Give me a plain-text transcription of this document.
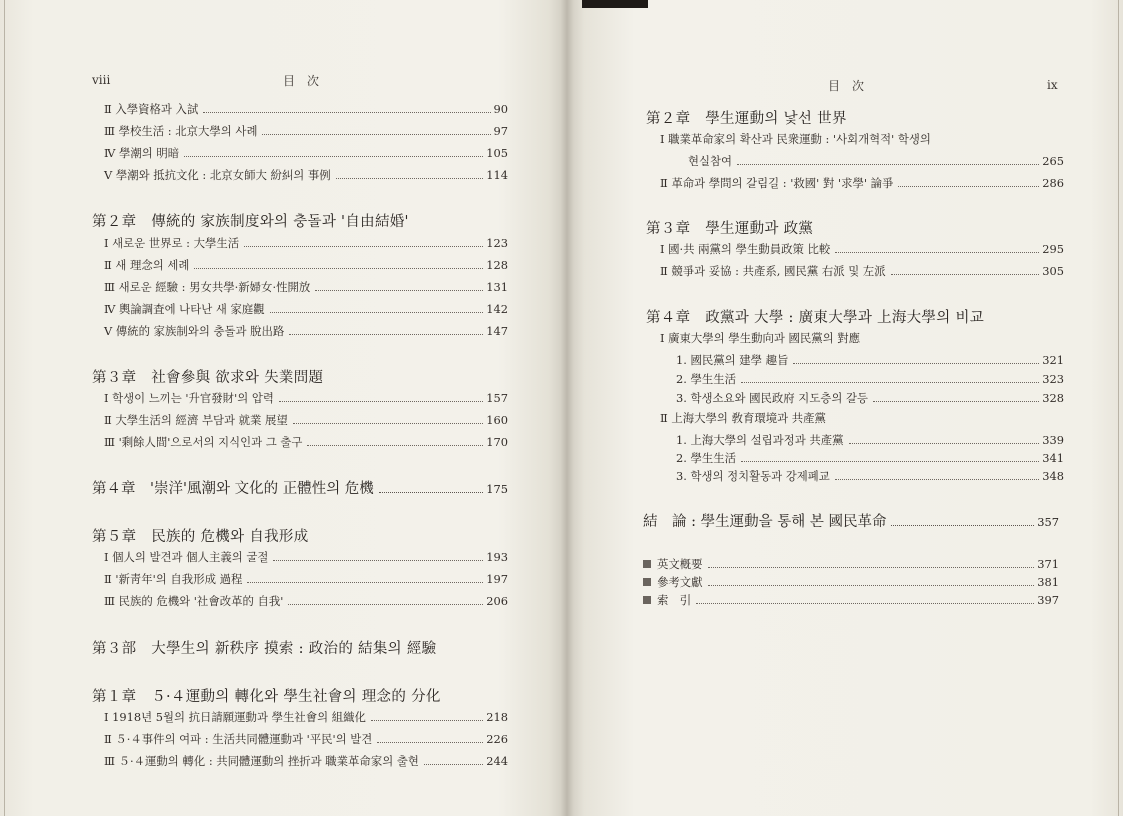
viii	目　次
Ⅱ 入學資格과 入試	90
Ⅲ 學校生活 : 北京大學의 사례	97
Ⅳ 學潮의 明暗	105
Ⅴ 學潮와 抵抗文化 : 北京女師大 紛糾의 事例	114
第２章　傳統的 家族制度와의 충돌과 '自由結婚'
Ⅰ 새로운 世界로 : 大學生活	123
Ⅱ 새 理念의 세례	128
Ⅲ 새로운 經驗 : 男女共學·新婦女·性開放	131
Ⅳ 輿論調査에 나타난 새 家庭觀	142
Ⅴ 傳統的 家族制와의 충돌과 脫出路	147
第３章　社會參與 欲求와 失業問題
Ⅰ 학생이 느끼는 '升官發財'의 압력	157
Ⅱ 大學生活의 經濟 부담과 就業 展望	160
Ⅲ '剩餘人間'으로서의 지식인과 그 출구	170
第４章　'崇洋'風潮와 文化的 正體性의 危機	175
第５章　民族的 危機와 自我形成
Ⅰ 個人의 발견과 個人主義의 굴절	193
Ⅱ '新靑年'의 自我形成 過程	197
Ⅲ 民族的 危機와 '社會改革的 自我'	206
第３部　大學生의 新秩序 摸索 : 政治的 結集의 經驗
第１章　５·４運動의 轉化와 學生社會의 理念的 分化
Ⅰ 1918년 5월의 抗日請願運動과 學生社會의 組織化	218
Ⅱ ５·４事件의 여파 : 生活共同體運動과 '平民'의 발견	226
Ⅲ ５·４運動의 轉化 : 共同體運動의 挫折과 職業革命家의 출현	244
目　次	ix
第２章　學生運動의 낯선 世界
Ⅰ 職業革命家의 확산과 民衆運動 : '사회개혁적' 학생의
현실참여	265
Ⅱ 革命과 學問의 갈림길 : '救國' 對 '求學' 論爭	286
第３章　學生運動과 政黨
Ⅰ 國·共 兩黨의 學生動員政策 比較	295
Ⅱ 競爭과 妥協 : 共產系, 國民黨 右派 및 左派	305
第４章　政黨과 大學 : 廣東大學과 上海大學의 비교
Ⅰ 廣東大學의 學生動向과 國民黨의 對應
1. 國民黨의 建學 趣旨	321
2. 學生生活	323
3. 학생소요와 國民政府 지도층의 갈등	328
Ⅱ 上海大學의 敎育環境과 共產黨
1. 上海大學의 설립과정과 共產黨	339
2. 學生生活	341
3. 학생의 정치활동과 강제폐교	348
結　論 : 學生運動을 통해 본 國民革命	357
英文槪要	371
參考文獻	381
索　引	397
